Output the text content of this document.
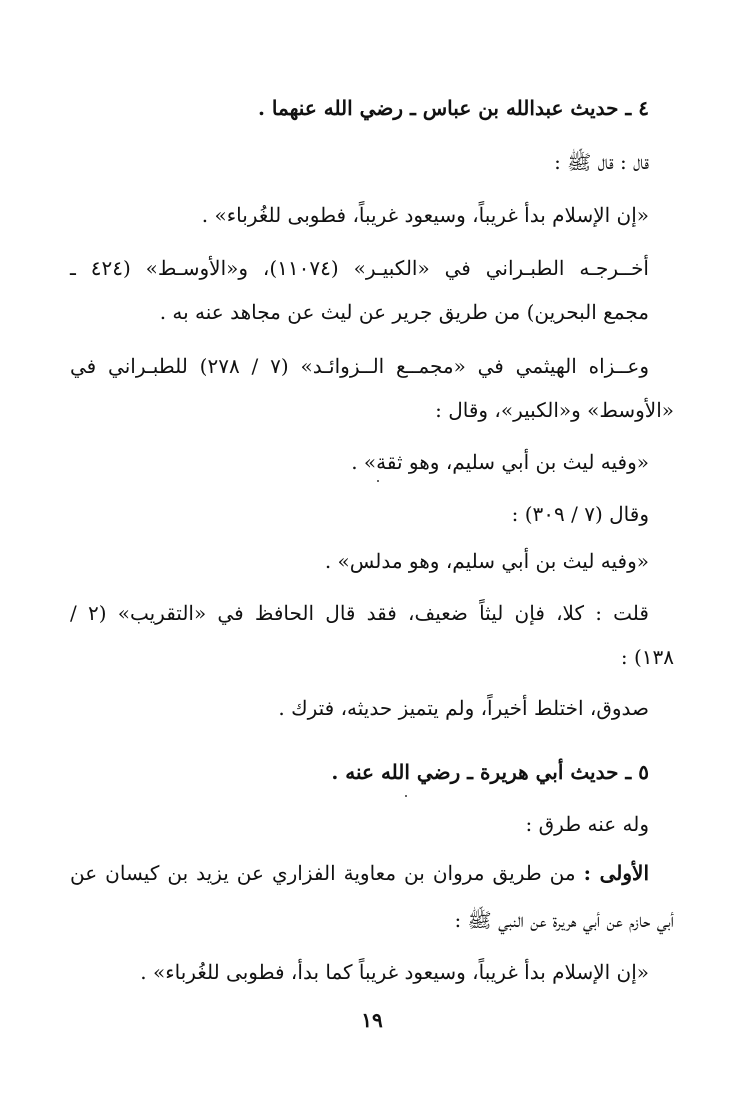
٤ ـ حديث عبدالله بن عباس ـ رضي الله عنهما .
قال : قال ﷺ :
«إن الإسلام بدأ غريباً، وسيعود غريباً، فطوبى للغُرباء» .
أخــرجـه الطبـراني في «الكبيـر» (١١٠٧٤)، و«الأوسـط» (٤٢٤ ـ
مجمع البحرين) من طريق جرير عن ليث عن مجاهد عنه به .
وعــزاه الهيثمي في «مجمــع الــزوائـد» (٧ / ٢٧٨) للطبـراني في
«الأوسط» و«الكبير»، وقال :
«وفيه ليث بن أبي سليم، وهو ثقة» .
وقال (٧ / ٣٠٩) :
«وفيه ليث بن أبي سليم، وهو مدلس» .
قلت : كلا، فإن ليثاً ضعيف، فقد قال الحافظ في «التقريب» (٢ /
١٣٨) :
صدوق، اختلط أخيراً، ولم يتميز حديثه، فترك .
٥ ـ حديث أبي هريرة ـ رضي الله عنه .
وله عنه طرق :
الأولى : من طريق مروان بن معاوية الفزاري عن يزيد بن كيسان عن
أبي حازم عن أبي هريرة عن النبي ﷺ :
«إن الإسلام بدأ غريباً، وسيعود غريباً كما بدأ، فطوبى للغُرباء» .
١٩
